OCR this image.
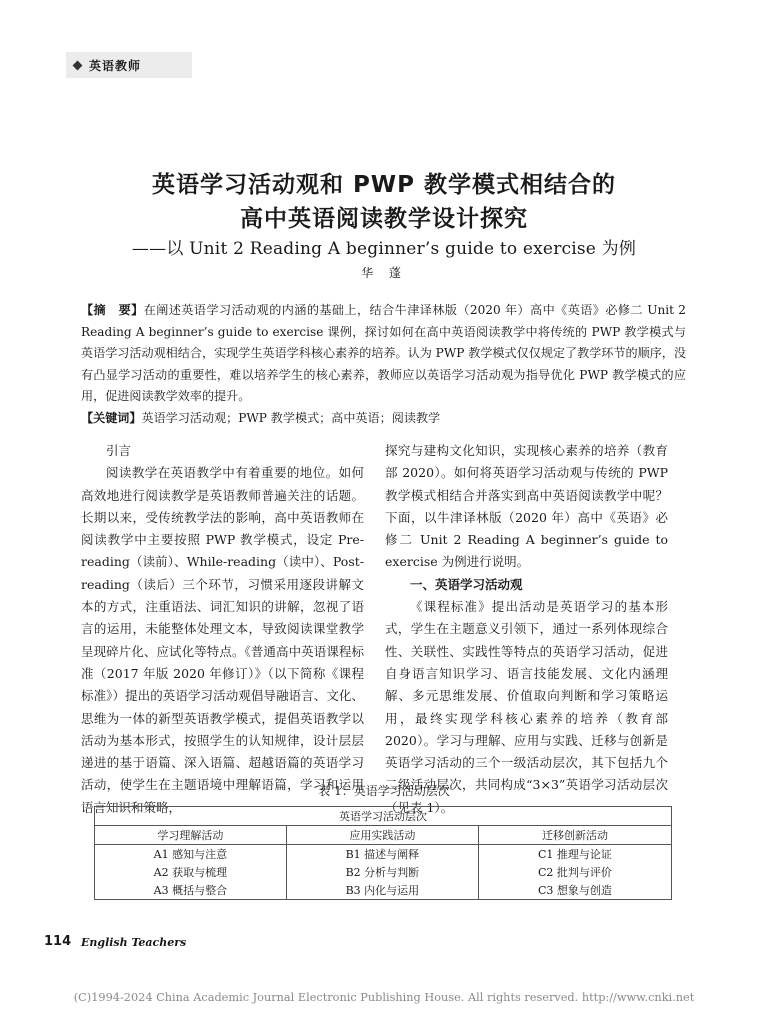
英语教师
英语学习活动观和 PWP 教学模式相结合的
高中英语阅读教学设计探究
——以 Unit 2 Reading A beginner’s guide to exercise 为例
华 蓬
【摘　要】在阐述英语学习活动观的内涵的基础上，结合牛津译林版（2020 年）高中《英语》必修二 Unit 2 Reading A beginner’s guide to exercise 课例，探讨如何在高中英语阅读教学中将传统的 PWP 教学模式与英语学习活动观相结合，实现学生英语学科核心素养的培养。认为 PWP 教学模式仅仅规定了教学环节的顺序，没有凸显学习活动的重要性，难以培养学生的核心素养，教师应以英语学习活动观为指导优化 PWP 教学模式的应用，促进阅读教学效率的提升。
【关键词】英语学习活动观；PWP 教学模式；高中英语；阅读教学
引言

阅读教学在英语教学中有着重要的地位。如何高效地进行阅读教学是英语教师普遍关注的话题。长期以来，受传统教学法的影响，高中英语教师在阅读教学中主要按照 PWP 教学模式，设定 Pre-reading（读前）、While-reading（读中）、Post-reading（读后）三个环节，习惯采用逐段讲解文本的方式，注重语法、词汇知识的讲解，忽视了语言的运用，未能整体处理文本，导致阅读课堂教学呈现碎片化、应试化等特点。《普通高中英语课程标准（2017 年版 2020 年修订）》（以下简称《课程标准》）提出的英语学习活动观倡导融语言、文化、思维为一体的新型英语教学模式，提倡英语教学以活动为基本形式，按照学生的认知规律，设计层层递进的基于语篇、深入语篇、超越语篇的英语学习活动，使学生在主题语境中理解语篇，学习和运用语言知识和策略，

探究与建构文化知识，实现核心素养的培养（教育部 2020）。如何将英语学习活动观与传统的 PWP 教学模式相结合并落实到高中英语阅读教学中呢？下面，以牛津译林版（2020 年）高中《英语》必修二 Unit 2 Reading A beginner’s guide to exercise 为例进行说明。

一、英语学习活动观

《课程标准》提出活动是英语学习的基本形式，学生在主题意义引领下，通过一系列体现综合性、关联性、实践性等特点的英语学习活动，促进自身语言知识学习、语言技能发展、文化内涵理解、多元思维发展、价值取向判断和学习策略运用，最终实现学科核心素养的培养（教育部 2020）。学习与理解、应用与实践、迁移与创新是英语学习活动的三个一级活动层次，其下包括九个二级活动层次，共同构成“3×3”英语学习活动层次（见表 1）。

表 1：英语学习活动层次
英语学习活动层次		
学习理解活动	应用实践活动	迁移创新活动
A1 感知与注意	B1 描述与阐释	C1 推理与论证
A2 获取与梳理	B2 分析与判断	C2 批判与评价
A3 概括与整合	B3 内化与运用	C3 想象与创造
114 English Teachers
(C)1994-2024 China Academic Journal Electronic Publishing House. All rights reserved. http://www.cnki.net
